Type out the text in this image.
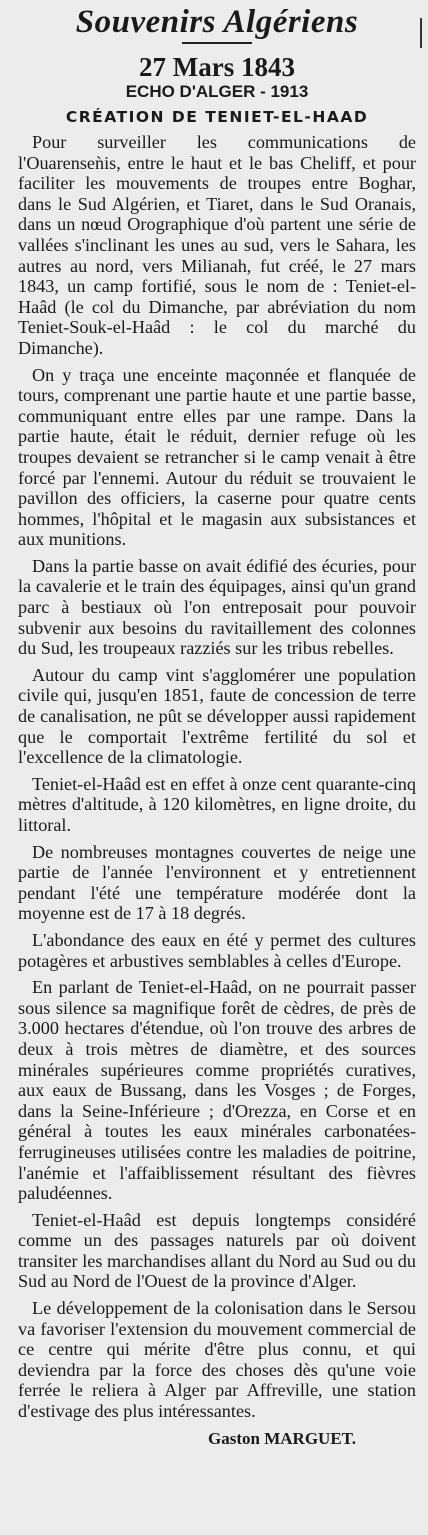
Souvenirs Algériens
27 Mars 1843
ECHO D'ALGER - 1913
CRÉATION DE TENIET-EL-HAAD

Pour surveiller les communications de l'Ouarenseǹis, entre le haut et le bas Cheliff, et pour faciliter les mouvements de troupes entre Boghar, dans le Sud Algérien, et Tiaret, dans le Sud Oranais, dans un nœud Orographique d'où partent une série de vallées s'inclinant les unes au sud, vers le Sahara, les autres au nord, vers Milianah, fut créé, le 27 mars 1843, un camp fortifié, sous le nom de : Teniet-el-Haâd (le col du Dimanche, par abréviation du nom Teniet-Souk-el-Haâd : le col du marché du Dimanche).

On y traça une enceinte maçonnée et flanquée de tours, comprenant une partie haute et une partie basse, communiquant entre elles par une rampe. Dans la partie haute, était le réduit, dernier refuge où les troupes devaient se retrancher si le camp venait à être forcé par l'ennemi. Autour du réduit se trouvaient le pavillon des officiers, la caserne pour quatre cents hommes, l'hôpital et le magasin aux subsistances et aux munitions.

Dans la partie basse on avait édifié des écuries, pour la cavalerie et le train des équipages, ainsi qu'un grand parc à bestiaux où l'on entreposait pour pouvoir subvenir aux besoins du ravitaillement des colonnes du Sud, les troupeaux razziés sur les tribus rebelles.

Autour du camp vint s'agglomérer une population civile qui, jusqu'en 1851, faute de concession de terre de canalisation, ne pût se développer aussi rapidement que le comportait l'extrême fertilité du sol et l'excellence de la climatologie.

Teniet-el-Haâd est en effet à onze cent quarante-cinq mètres d'altitude, à 120 kilomètres, en ligne droite, du littoral.

De nombreuses montagnes couvertes de neige une partie de l'année l'environnent et y entretiennent pendant l'été une température modérée dont la moyenne est de 17 à 18 degrés.

L'abondance des eaux en été y permet des cultures potagères et arbustives semblables à celles d'Europe.

En parlant de Teniet-el-Haâd, on ne pourrait passer sous silence sa magnifique forêt de cèdres, de près de 3.000 hectares d'étendue, où l'on trouve des arbres de deux à trois mètres de diamètre, et des sources minérales supérieures comme propriétés curatives, aux eaux de Bussang, dans les Vosges ; de Forges, dans la Seine-Inférieure ; d'Orezza, en Corse et en général à toutes les eaux minérales carbonatées-ferrugineuses utilisées contre les maladies de poitrine, l'anémie et l'affaiblissement résultant des fièvres paludéennes.

Teniet-el-Haâd est depuis longtemps considéré comme un des passages naturels par où doivent transiter les marchandises allant du Nord au Sud ou du Sud au Nord de l'Ouest de la province d'Alger.

Le développement de la colonisation dans le Sersou va favoriser l'extension du mouvement commercial de ce centre qui mérite d'être plus connu, et qui deviendra par la force des choses dès qu'une voie ferrée le reliera à Alger par Affreville, une station d'estivage des plus intéressantes.

Gaston MARGUET.
